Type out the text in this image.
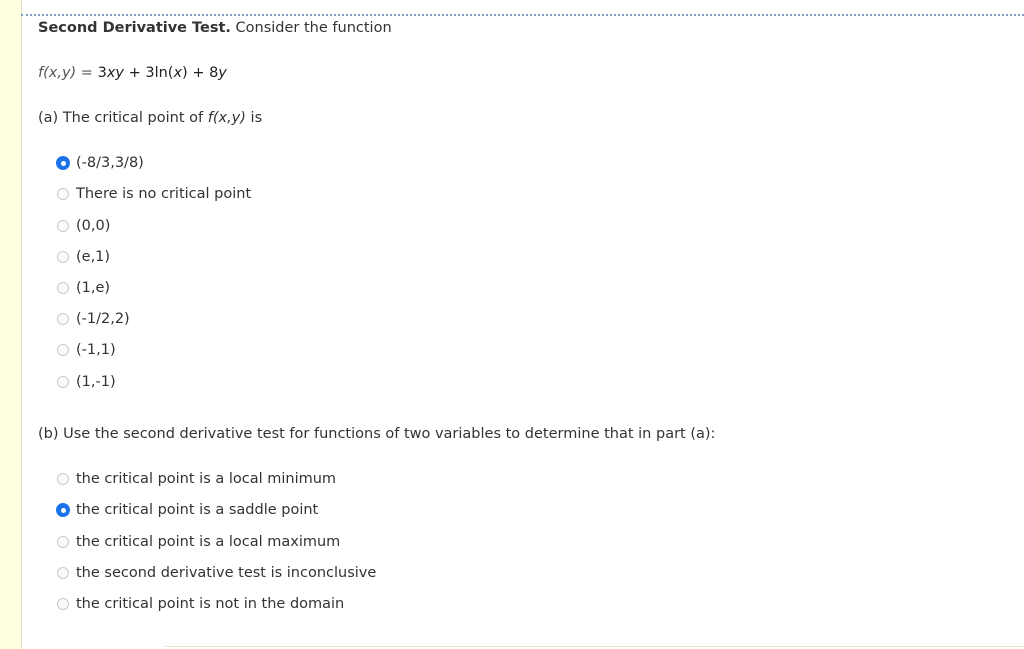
Second Derivative Test. Consider the function
f(x,y) = 3xy + 3ln(x) + 8y
(a) The critical point of f(x,y) is
(-8/3,3/8)
There is no critical point
(0,0)
(e,1)
(1,e)
(-1/2,2)
(-1,1)
(1,-1)
(b) Use the second derivative test for functions of two variables to determine that in part (a):
the critical point is a local minimum
the critical point is a saddle point
the critical point is a local maximum
the second derivative test is inconclusive
the critical point is not in the domain
